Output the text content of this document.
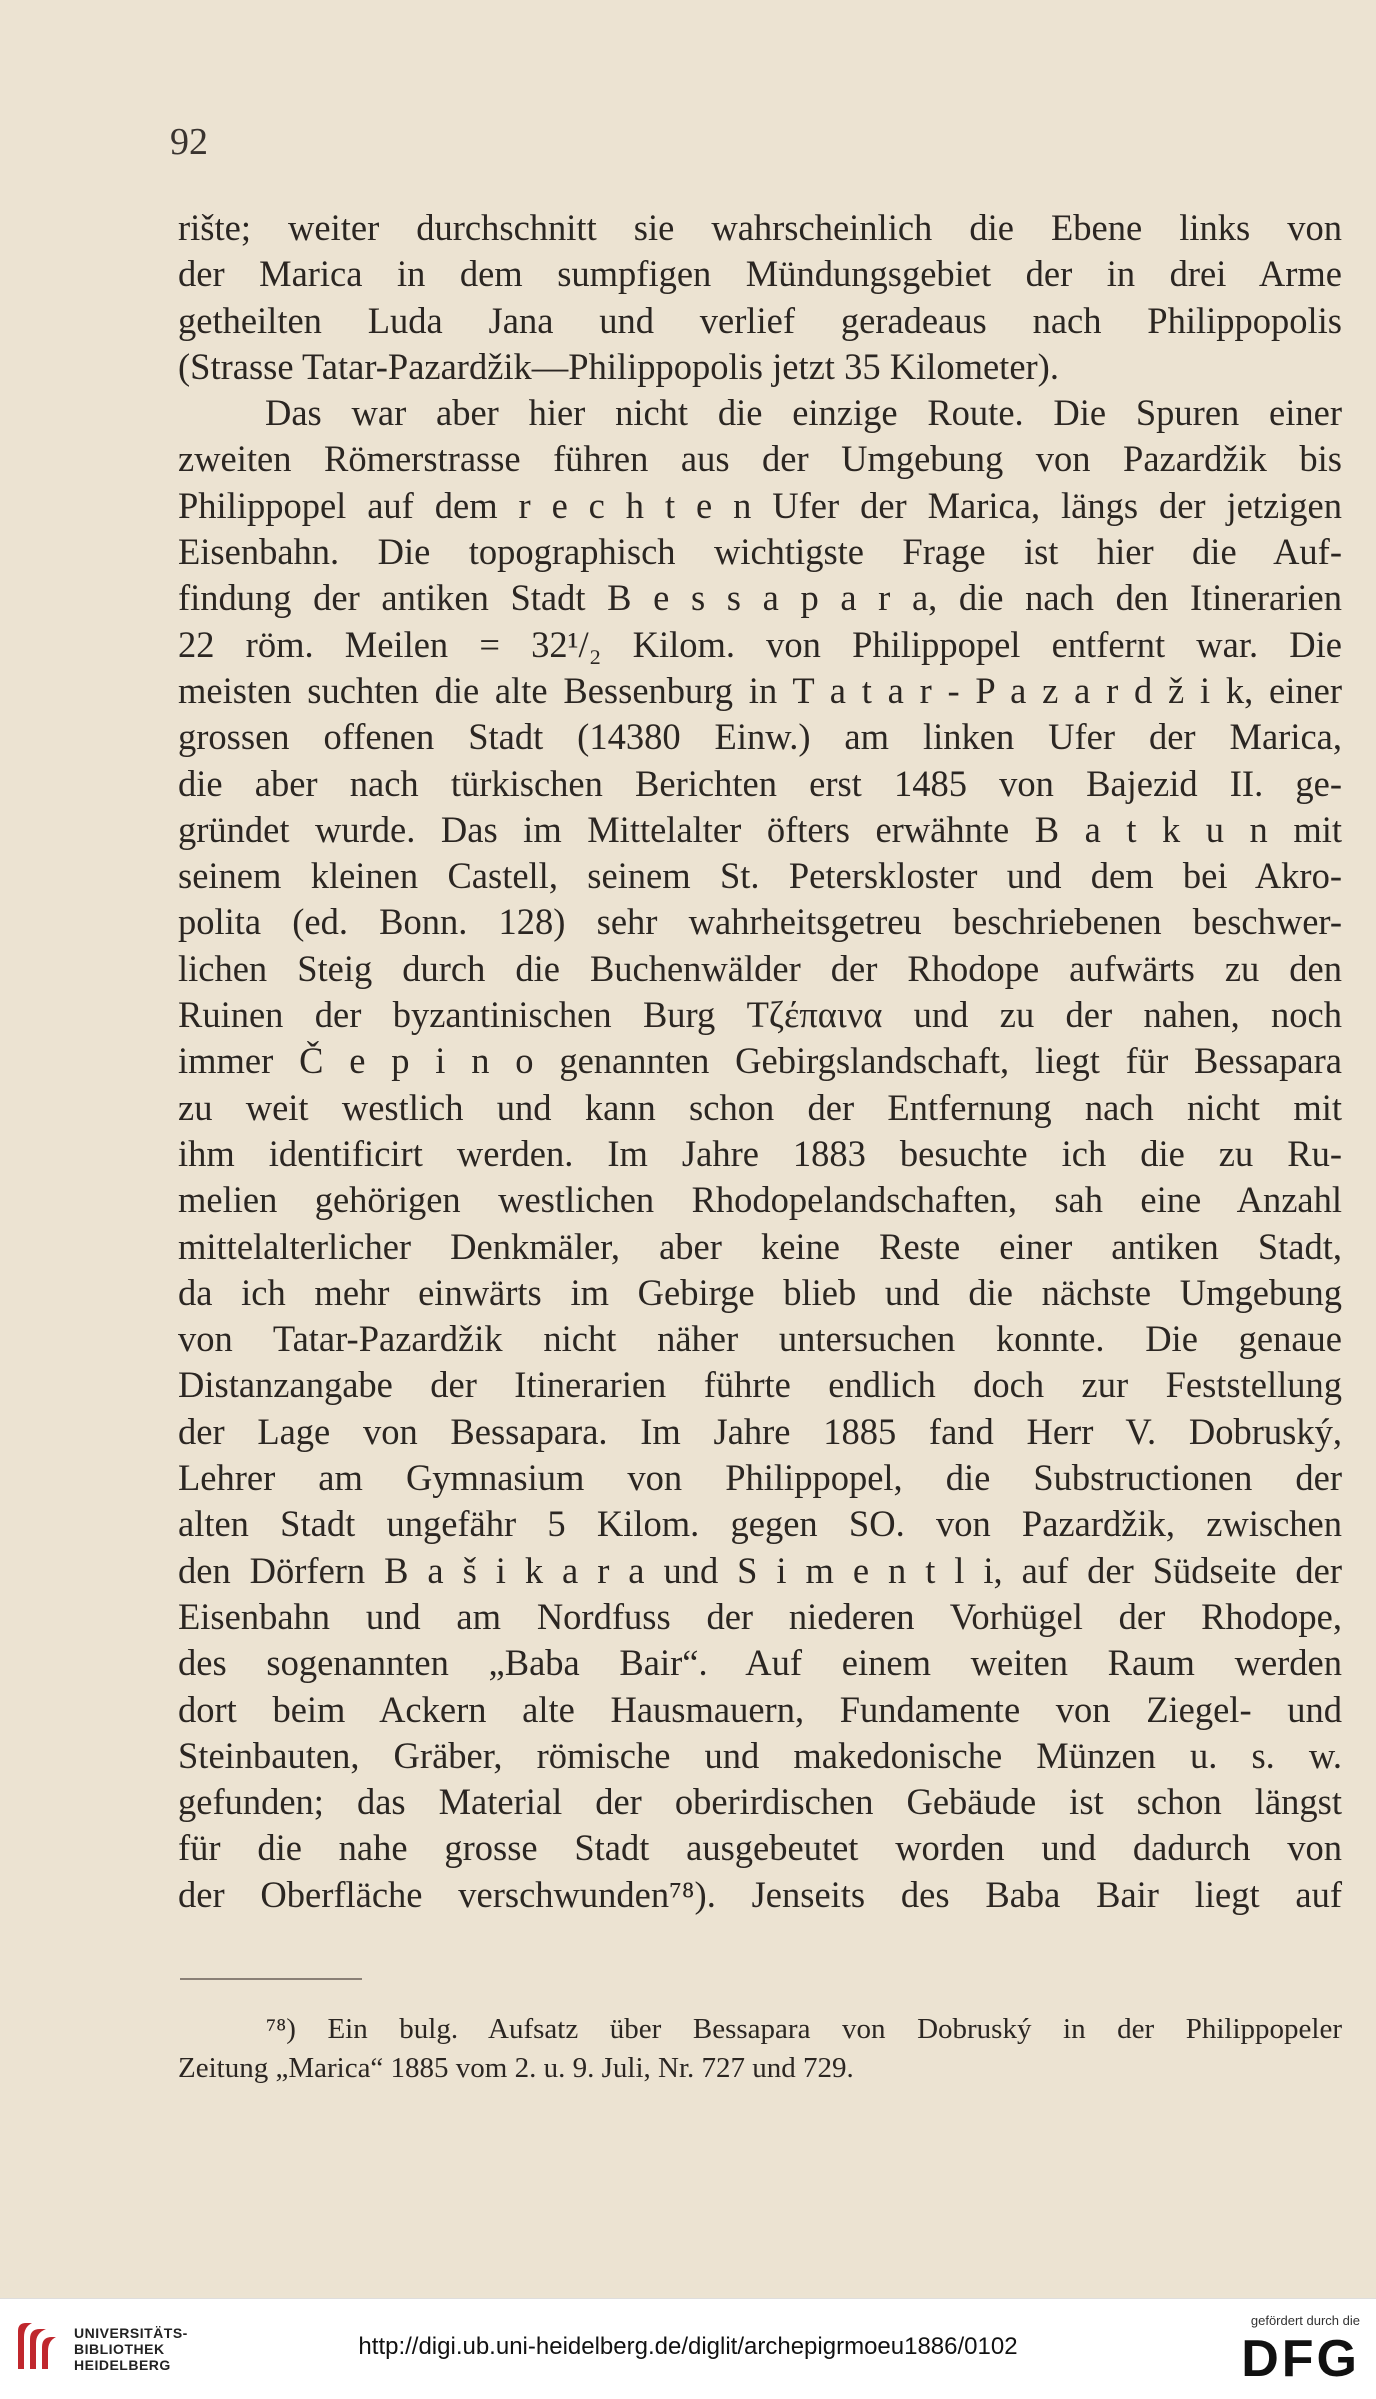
92
rište; weiter durchschnitt sie wahrscheinlich die Ebene links von
der Marica in dem sumpfigen Mündungsgebiet der in drei Arme
getheilten Luda Jana und verlief geradeaus nach Philippopolis
(Strasse Tatar-Pazardžik—Philippopolis jetzt 35 Kilometer).
Das war aber hier nicht die einzige Route. Die Spuren einer
zweiten Römerstrasse führen aus der Umgebung von Pazardžik bis
Philippopel auf dem r e c h t e n Ufer der Marica, längs der jetzigen
Eisenbahn. Die topographisch wichtigste Frage ist hier die Auf-
findung der antiken Stadt B e s s a p a r a, die nach den Itinerarien
22 röm. Meilen = 32¹/₂ Kilom. von Philippopel entfernt war. Die
meisten suchten die alte Bessenburg in T a t a r - P a z a r d ž i k, einer
grossen offenen Stadt (14380 Einw.) am linken Ufer der Marica,
die aber nach türkischen Berichten erst 1485 von Bajezid II. ge-
gründet wurde. Das im Mittelalter öfters erwähnte B a t k u n mit
seinem kleinen Castell, seinem St. Peterskloster und dem bei Akro-
polita (ed. Bonn. 128) sehr wahrheitsgetreu beschriebenen beschwer-
lichen Steig durch die Buchenwälder der Rhodope aufwärts zu den
Ruinen der byzantinischen Burg Τζέπαινα und zu der nahen, noch
immer Č e p i n o genannten Gebirgslandschaft, liegt für Bessapara
zu weit westlich und kann schon der Entfernung nach nicht mit
ihm identificirt werden. Im Jahre 1883 besuchte ich die zu Ru-
melien gehörigen westlichen Rhodopelandschaften, sah eine Anzahl
mittelalterlicher Denkmäler, aber keine Reste einer antiken Stadt,
da ich mehr einwärts im Gebirge blieb und die nächste Umgebung
von Tatar-Pazardžik nicht näher untersuchen konnte. Die genaue
Distanzangabe der Itinerarien führte endlich doch zur Feststellung
der Lage von Bessapara. Im Jahre 1885 fand Herr V. Dobruský,
Lehrer am Gymnasium von Philippopel, die Substructionen der
alten Stadt ungefähr 5 Kilom. gegen SO. von Pazardžik, zwischen
den Dörfern B a š i k a r a und S i m e n t l i, auf der Südseite der
Eisenbahn und am Nordfuss der niederen Vorhügel der Rhodope,
des sogenannten „Baba Bair“. Auf einem weiten Raum werden
dort beim Ackern alte Hausmauern, Fundamente von Ziegel- und
Steinbauten, Gräber, römische und makedonische Münzen u. s. w.
gefunden; das Material der oberirdischen Gebäude ist schon längst
für die nahe grosse Stadt ausgebeutet worden und dadurch von
der Oberfläche verschwunden⁷⁸). Jenseits des Baba Bair liegt auf
⁷⁸) Ein bulg. Aufsatz über Bessapara von Dobruský in der Philippopeler
Zeitung „Marica“ 1885 vom 2. u. 9. Juli, Nr. 727 und 729.
UNIVERSITÄTS-
BIBLIOTHEK
HEIDELBERG
http://digi.ub.uni-heidelberg.de/diglit/archepigrmoeu1886/0102
gefördert durch die
DFG
